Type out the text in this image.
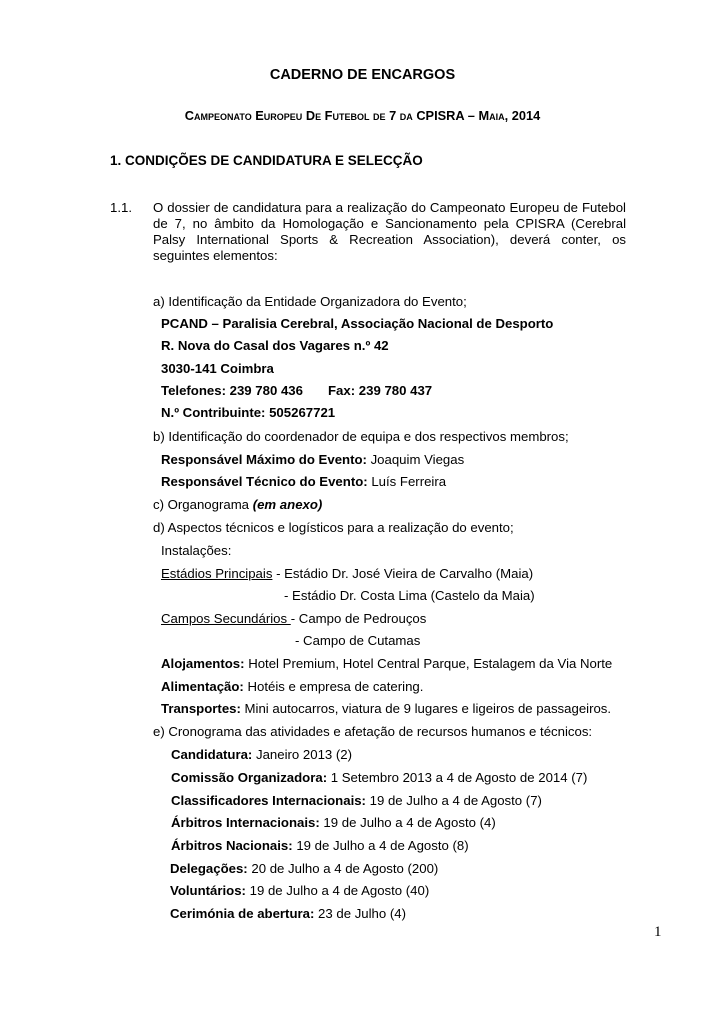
CADERNO DE ENCARGOS
Campeonato Europeu De Futebol de 7 da CPISRA – Maia, 2014
1. CONDIÇÕES DE CANDIDATURA E SELECÇÃO
1.1. O dossier de candidatura para a realização do Campeonato Europeu de Futebol de 7, no âmbito da Homologação e Sancionamento pela CPISRA (Cerebral Palsy International Sports & Recreation Association), deverá conter, os seguintes elementos:
a) Identificação da Entidade Organizadora do Evento;
PCAND – Paralisia Cerebral, Associação Nacional de Desporto
R. Nova do Casal dos Vagares n.º 42
3030-141 Coimbra
Telefones: 239 780 436 Fax: 239 780 437
N.º Contribuinte: 505267721
b) Identificação do coordenador de equipa e dos respectivos membros;
Responsável Máximo do Evento: Joaquim Viegas
Responsável Técnico do Evento: Luís Ferreira
c) Organograma (em anexo)
d) Aspectos técnicos e logísticos para a realização do evento;
Instalações:
Estádios Principais - Estádio Dr. José Vieira de Carvalho (Maia)
- Estádio Dr. Costa Lima (Castelo da Maia)
Campos Secundários - Campo de Pedrouços
- Campo de Cutamas
Alojamentos: Hotel Premium, Hotel Central Parque, Estalagem da Via Norte
Alimentação: Hotéis e empresa de catering.
Transportes: Mini autocarros, viatura de 9 lugares e ligeiros de passageiros.
e) Cronograma das atividades e afetação de recursos humanos e técnicos:
Candidatura: Janeiro 2013 (2)
Comissão Organizadora: 1 Setembro 2013 a 4 de Agosto de 2014 (7)
Classificadores Internacionais: 19 de Julho a 4 de Agosto (7)
Árbitros Internacionais: 19 de Julho a 4 de Agosto (4)
Árbitros Nacionais: 19 de Julho a 4 de Agosto (8)
Delegações: 20 de Julho a 4 de Agosto (200)
Voluntários: 19 de Julho a 4 de Agosto (40)
Cerimónia de abertura: 23 de Julho (4)
1
